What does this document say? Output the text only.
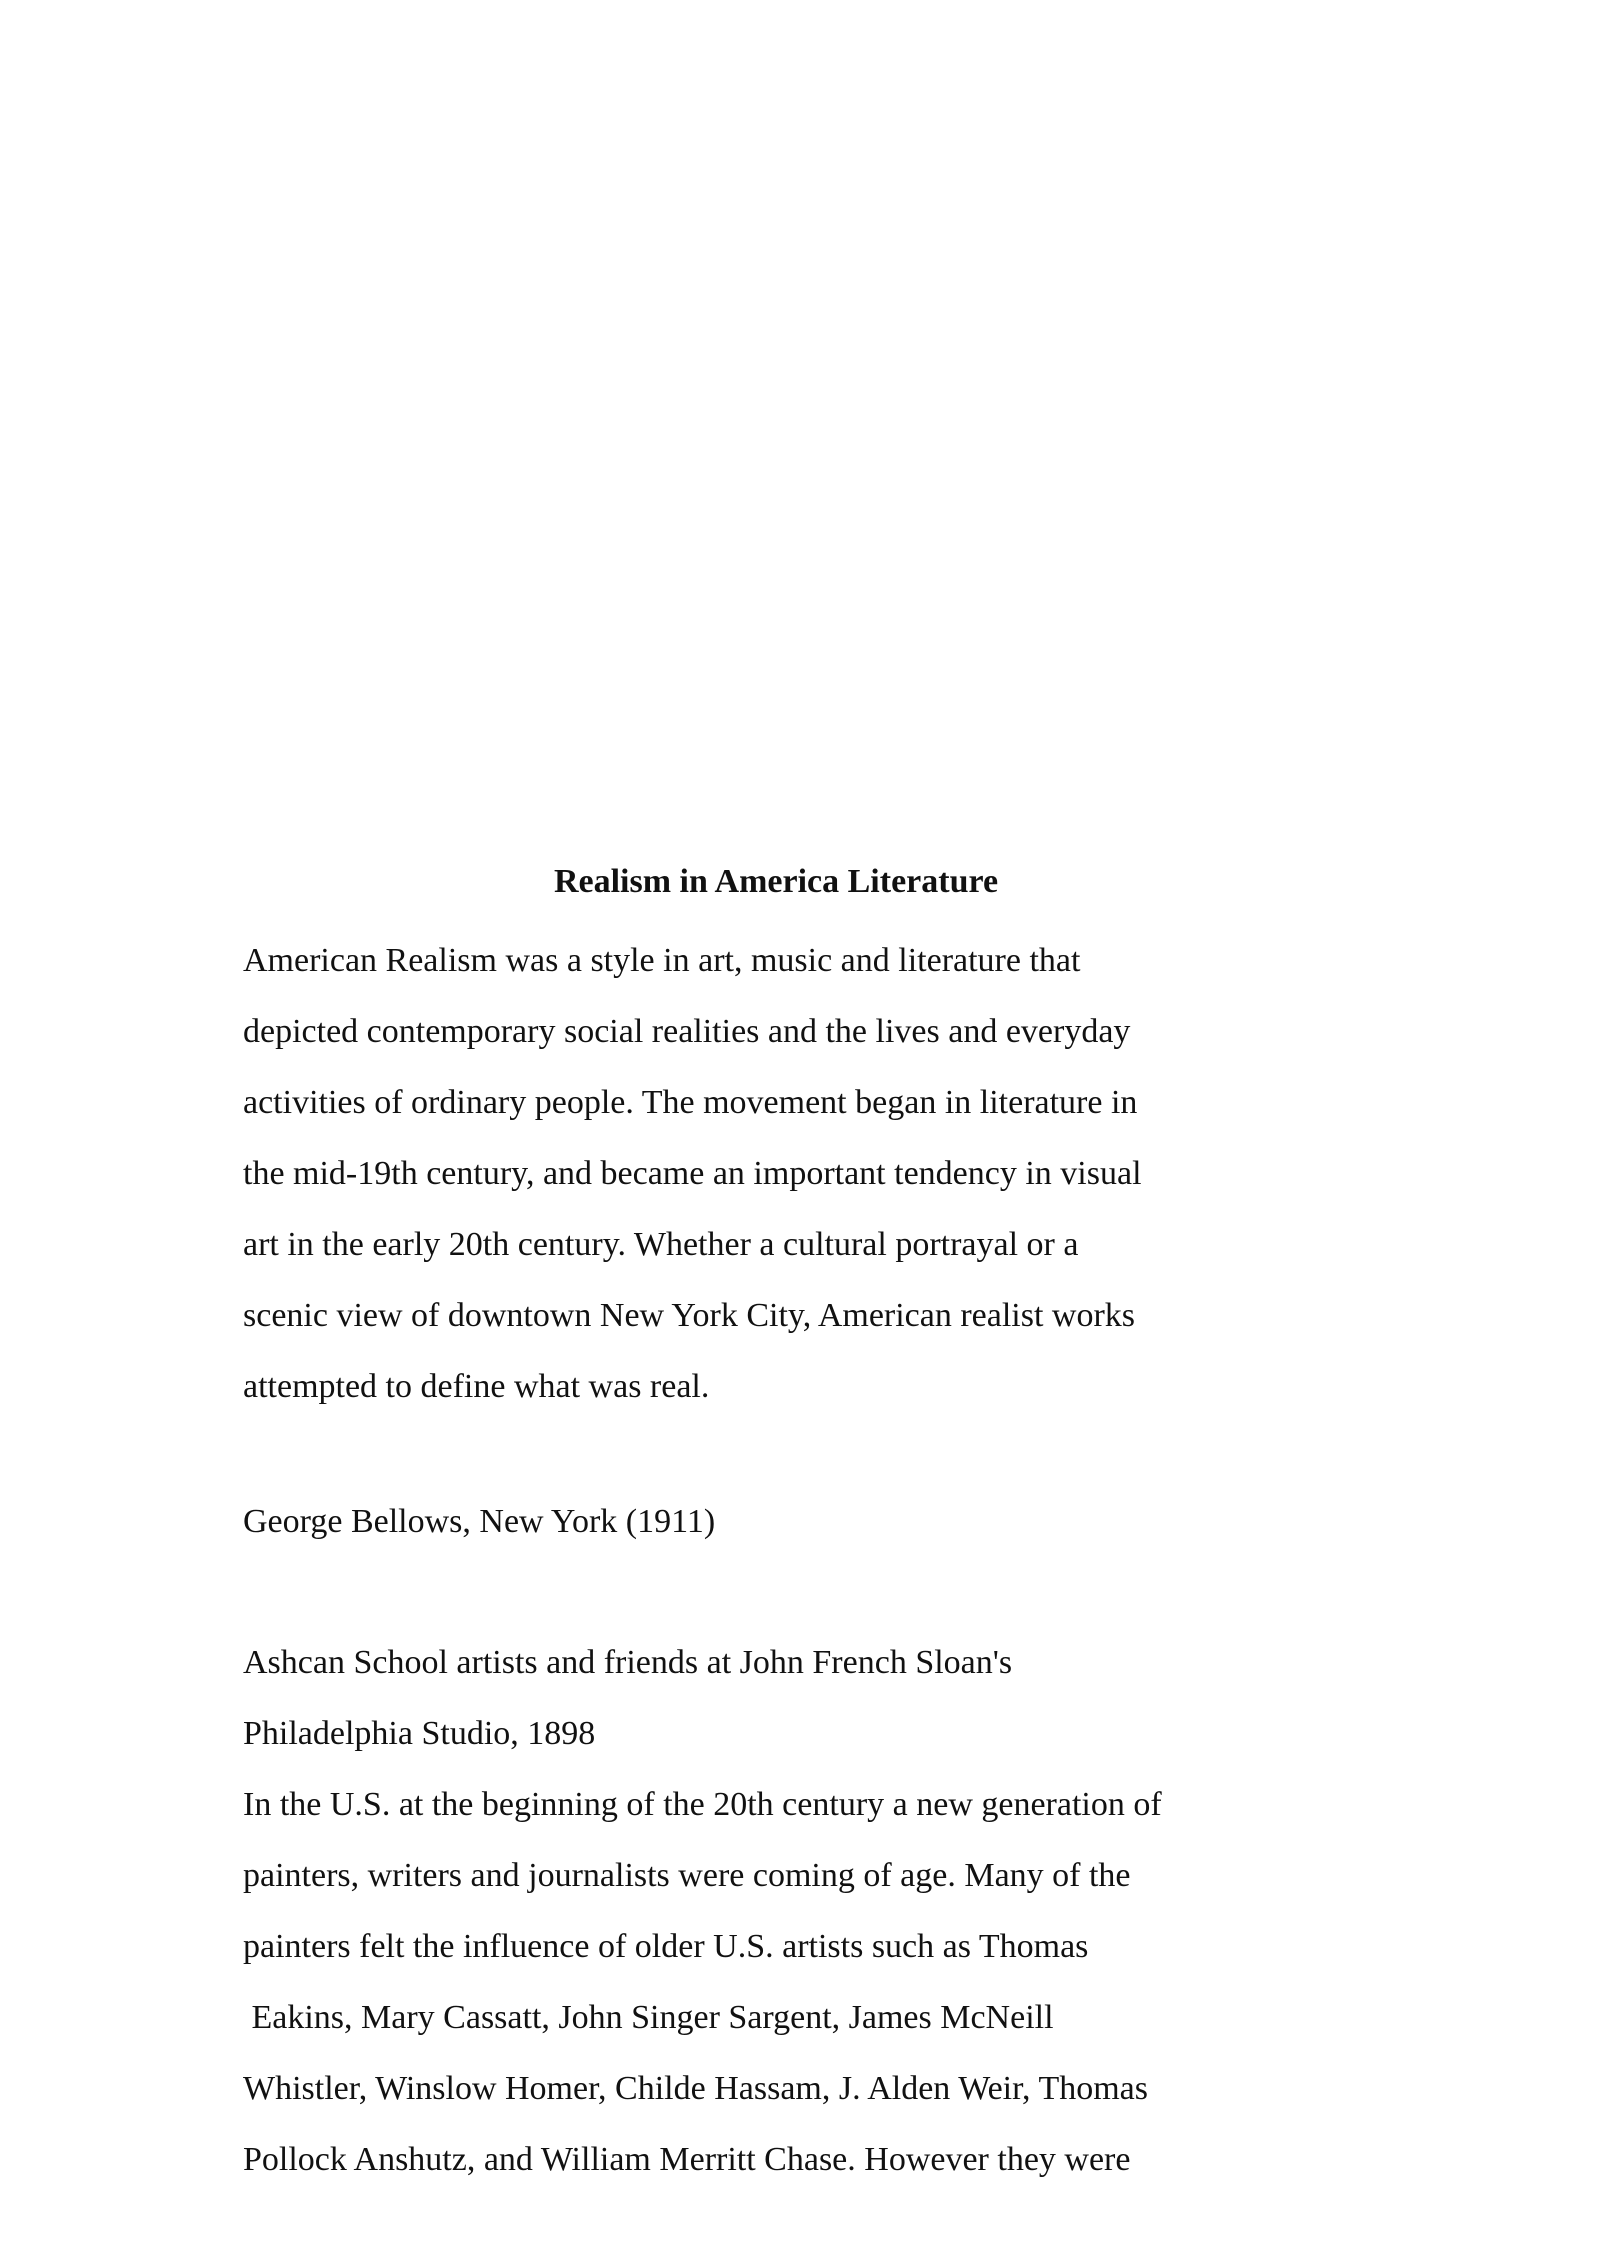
Realism in America Literature
American Realism was a style in art, music and literature that
depicted contemporary social realities and the lives and everyday
activities of ordinary people. The movement began in literature in
the mid-19th century, and became an important tendency in visual
art in the early 20th century. Whether a cultural portrayal or a
scenic view of downtown New York City, American realist works
attempted to define what was real.
George Bellows, New York (1911)
Ashcan School artists and friends at John French Sloan's
Philadelphia Studio, 1898
In the U.S. at the beginning of the 20th century a new generation of
painters, writers and journalists were coming of age. Many of the
painters felt the influence of older U.S. artists such as Thomas
Eakins, Mary Cassatt, John Singer Sargent, James McNeill
Whistler, Winslow Homer, Childe Hassam, J. Alden Weir, Thomas
Pollock Anshutz, and William Merritt Chase. However they were
